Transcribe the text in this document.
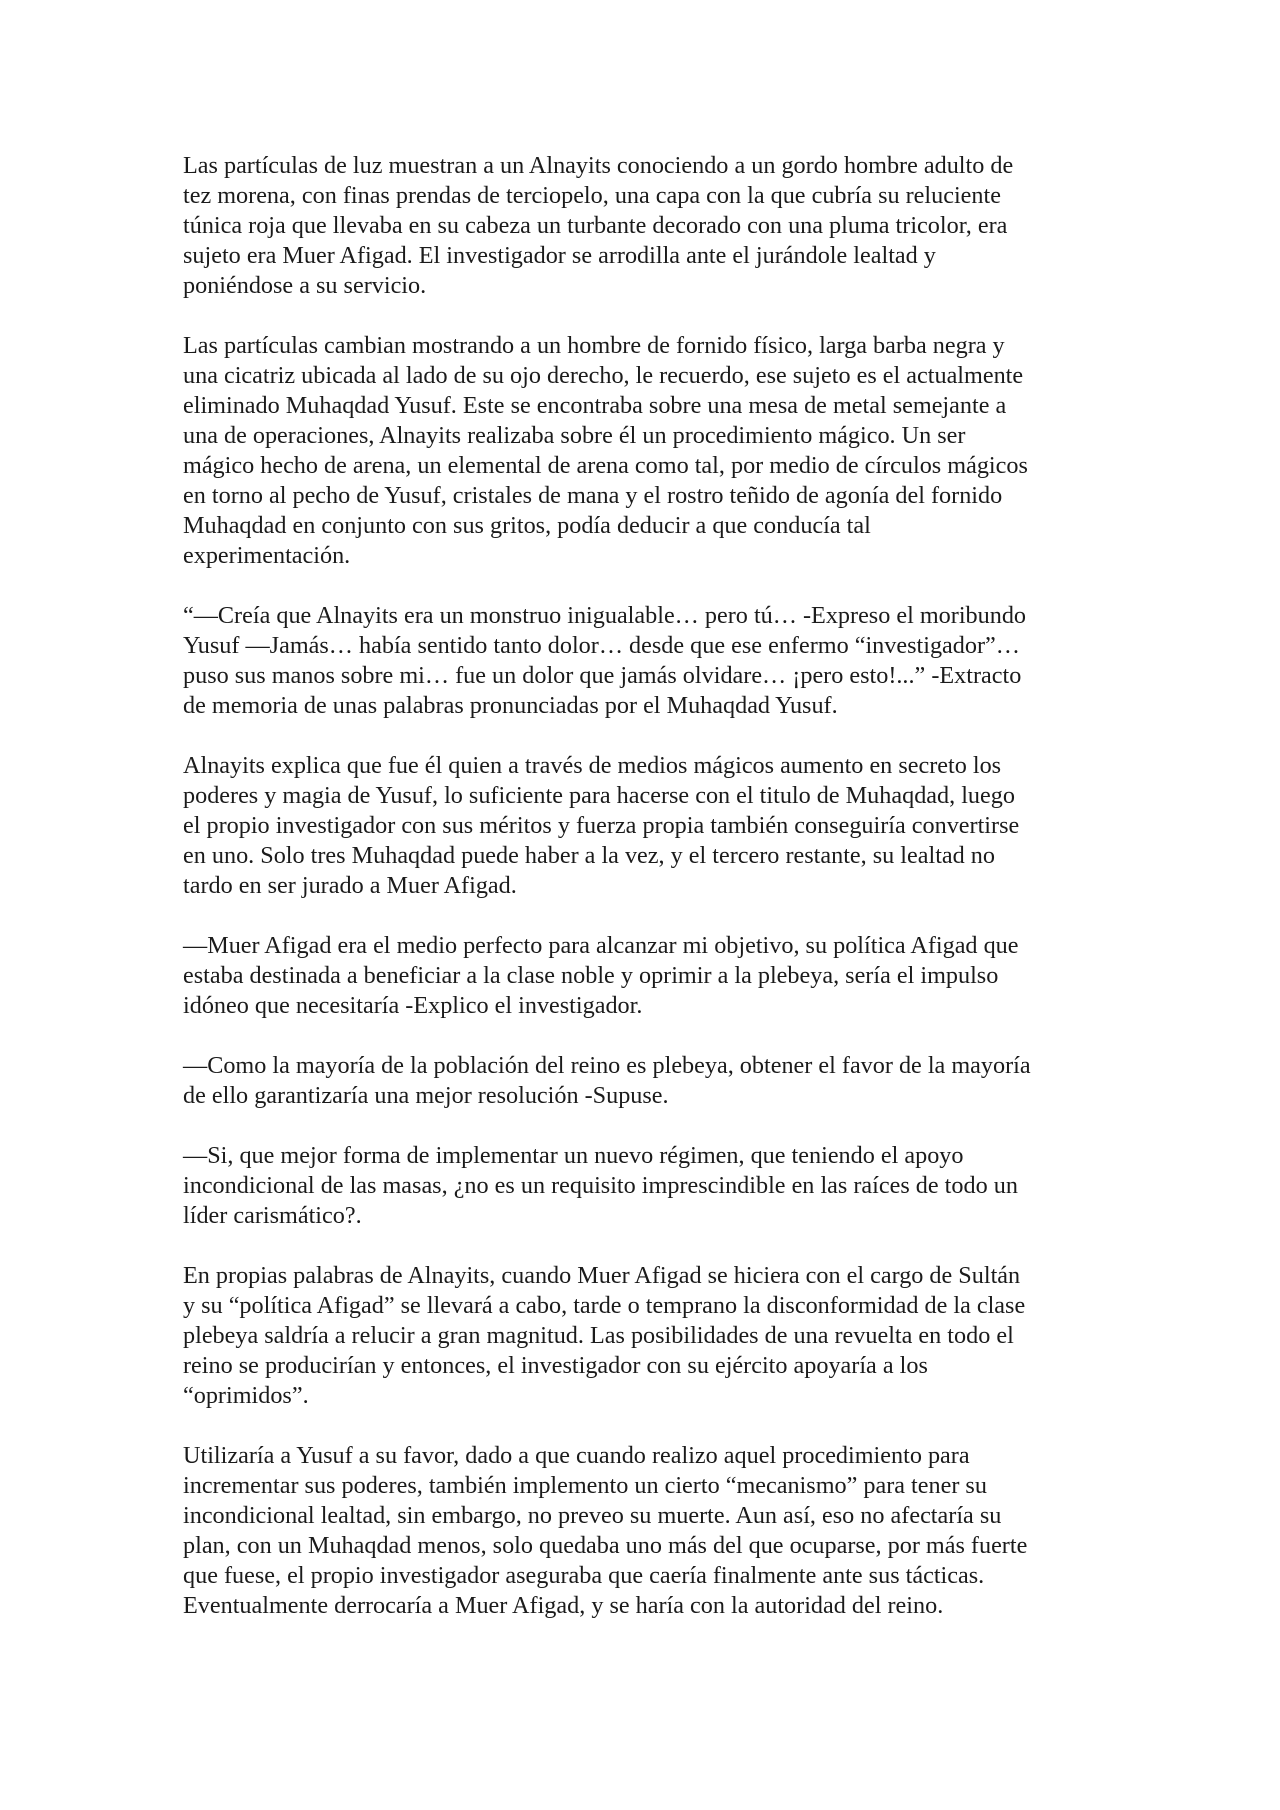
Las partículas de luz muestran a un Alnayits conociendo a un gordo hombre adulto de
tez morena, con finas prendas de terciopelo, una capa con la que cubría su reluciente
túnica roja que llevaba en su cabeza un turbante decorado con una pluma tricolor, era
sujeto era Muer Afigad. El investigador se arrodilla ante el jurándole lealtad y
poniéndose a su servicio.

Las partículas cambian mostrando a un hombre de fornido físico, larga barba negra y
una cicatriz ubicada al lado de su ojo derecho, le recuerdo, ese sujeto es el actualmente
eliminado Muhaqdad Yusuf. Este se encontraba sobre una mesa de metal semejante a
una de operaciones, Alnayits realizaba sobre él un procedimiento mágico. Un ser
mágico hecho de arena, un elemental de arena como tal, por medio de círculos mágicos
en torno al pecho de Yusuf, cristales de mana y el rostro teñido de agonía del fornido
Muhaqdad en conjunto con sus gritos, podía deducir a que conducía tal
experimentación.

“—Creía que Alnayits era un monstruo inigualable… pero tú… -Expreso el moribundo
Yusuf —Jamás… había sentido tanto dolor… desde que ese enfermo “investigador”…
puso sus manos sobre mi… fue un dolor que jamás olvidare… ¡pero esto!...” -Extracto
de memoria de unas palabras pronunciadas por el Muhaqdad Yusuf.

Alnayits explica que fue él quien a través de medios mágicos aumento en secreto los
poderes y magia de Yusuf, lo suficiente para hacerse con el titulo de Muhaqdad, luego
el propio investigador con sus méritos y fuerza propia también conseguiría convertirse
en uno. Solo tres Muhaqdad puede haber a la vez, y el tercero restante, su lealtad no
tardo en ser jurado a Muer Afigad.

—Muer Afigad era el medio perfecto para alcanzar mi objetivo, su política Afigad que
estaba destinada a beneficiar a la clase noble y oprimir a la plebeya, sería el impulso
idóneo que necesitaría -Explico el investigador.

—Como la mayoría de la población del reino es plebeya, obtener el favor de la mayoría
de ello garantizaría una mejor resolución -Supuse.

—Si, que mejor forma de implementar un nuevo régimen, que teniendo el apoyo
incondicional de las masas, ¿no es un requisito imprescindible en las raíces de todo un
líder carismático?.

En propias palabras de Alnayits, cuando Muer Afigad se hiciera con el cargo de Sultán
y su “política Afigad” se llevará a cabo, tarde o temprano la disconformidad de la clase
plebeya saldría a relucir a gran magnitud. Las posibilidades de una revuelta en todo el
reino se producirían y entonces, el investigador con su ejército apoyaría a los
“oprimidos”.

Utilizaría a Yusuf a su favor, dado a que cuando realizo aquel procedimiento para
incrementar sus poderes, también implemento un cierto “mecanismo” para tener su
incondicional lealtad, sin embargo, no preveo su muerte. Aun así, eso no afectaría su
plan, con un Muhaqdad menos, solo quedaba uno más del que ocuparse, por más fuerte
que fuese, el propio investigador aseguraba que caería finalmente ante sus tácticas.
Eventualmente derrocaría a Muer Afigad, y se haría con la autoridad del reino.
